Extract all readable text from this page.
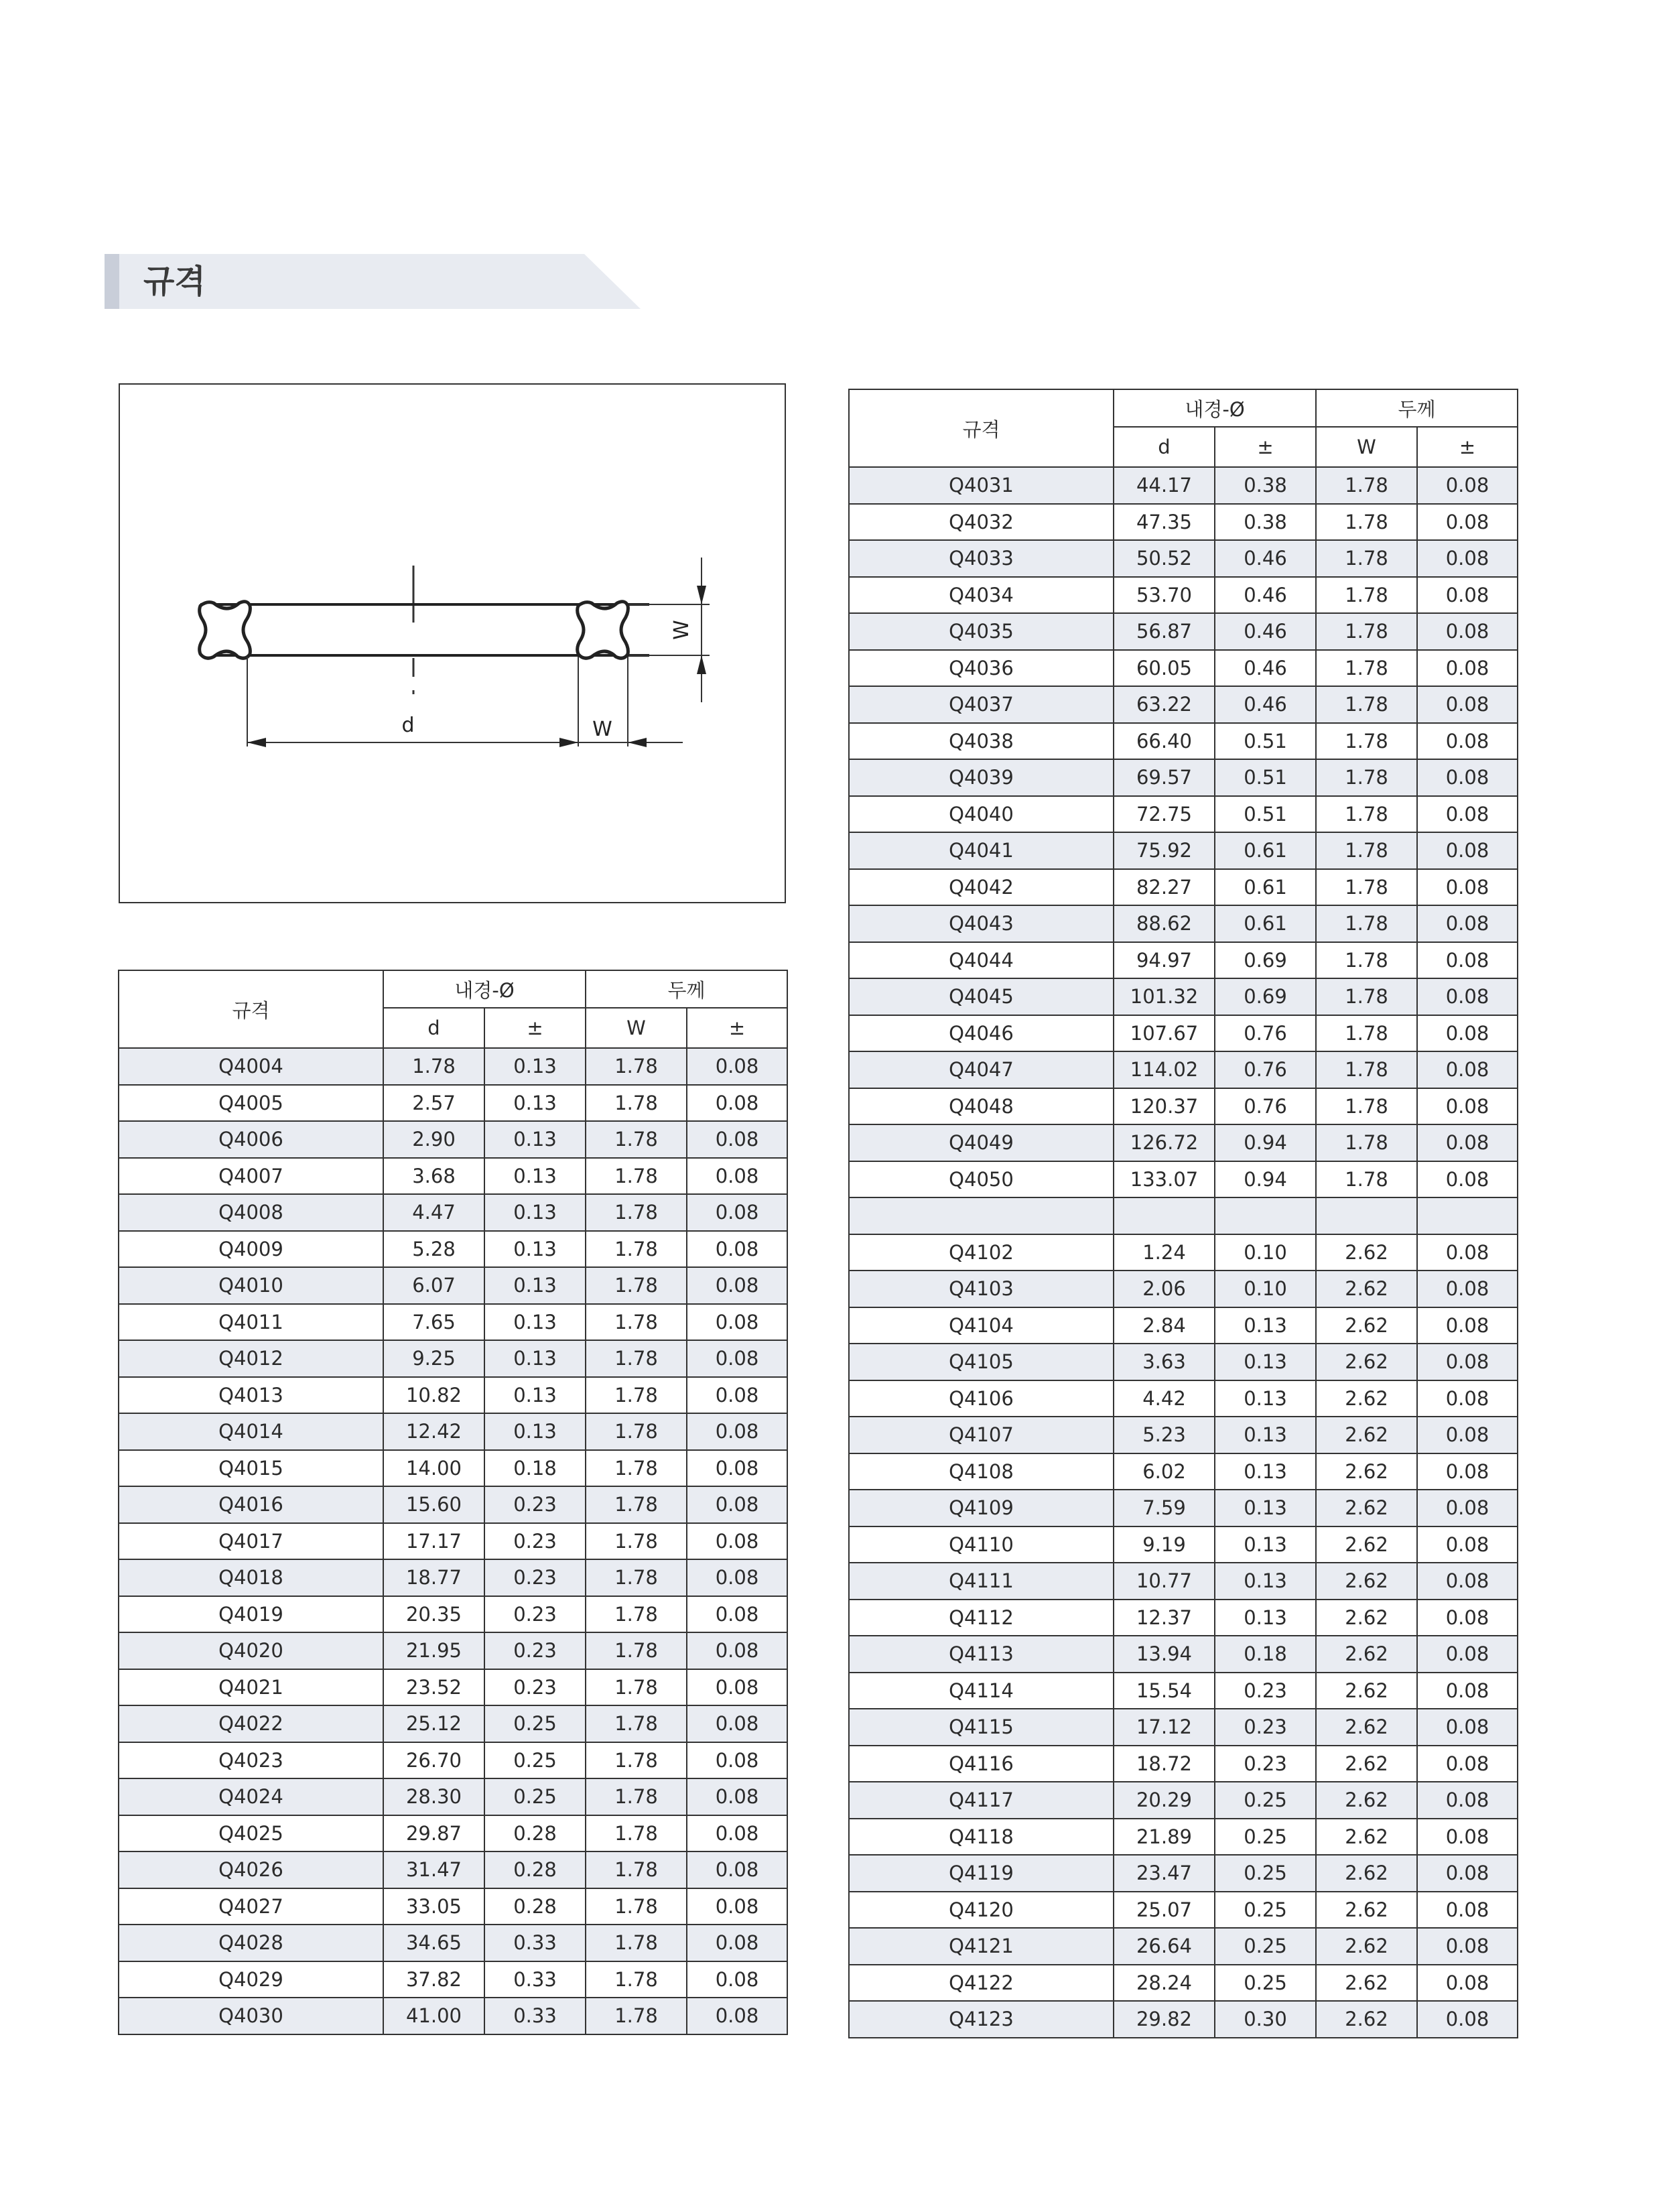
규격
W
d	W
규격	내경-Ø		두께	
	d	±	W	±
Q4004	1.78	0.13	1.78	0.08
Q4005	2.57	0.13	1.78	0.08
Q4006	2.90	0.13	1.78	0.08
Q4007	3.68	0.13	1.78	0.08
Q4008	4.47	0.13	1.78	0.08
Q4009	5.28	0.13	1.78	0.08
Q4010	6.07	0.13	1.78	0.08
Q4011	7.65	0.13	1.78	0.08
Q4012	9.25	0.13	1.78	0.08
Q4013	10.82	0.13	1.78	0.08
Q4014	12.42	0.13	1.78	0.08
Q4015	14.00	0.18	1.78	0.08
Q4016	15.60	0.23	1.78	0.08
Q4017	17.17	0.23	1.78	0.08
Q4018	18.77	0.23	1.78	0.08
Q4019	20.35	0.23	1.78	0.08
Q4020	21.95	0.23	1.78	0.08
Q4021	23.52	0.23	1.78	0.08
Q4022	25.12	0.25	1.78	0.08
Q4023	26.70	0.25	1.78	0.08
Q4024	28.30	0.25	1.78	0.08
Q4025	29.87	0.28	1.78	0.08
Q4026	31.47	0.28	1.78	0.08
Q4027	33.05	0.28	1.78	0.08
Q4028	34.65	0.33	1.78	0.08
Q4029	37.82	0.33	1.78	0.08
Q4030	41.00	0.33	1.78	0.08
규격	내경-Ø		두께	
	d	±	W	±
Q4031	44.17	0.38	1.78	0.08
Q4032	47.35	0.38	1.78	0.08
Q4033	50.52	0.46	1.78	0.08
Q4034	53.70	0.46	1.78	0.08
Q4035	56.87	0.46	1.78	0.08
Q4036	60.05	0.46	1.78	0.08
Q4037	63.22	0.46	1.78	0.08
Q4038	66.40	0.51	1.78	0.08
Q4039	69.57	0.51	1.78	0.08
Q4040	72.75	0.51	1.78	0.08
Q4041	75.92	0.61	1.78	0.08
Q4042	82.27	0.61	1.78	0.08
Q4043	88.62	0.61	1.78	0.08
Q4044	94.97	0.69	1.78	0.08
Q4045	101.32	0.69	1.78	0.08
Q4046	107.67	0.76	1.78	0.08
Q4047	114.02	0.76	1.78	0.08
Q4048	120.37	0.76	1.78	0.08
Q4049	126.72	0.94	1.78	0.08
Q4050	133.07	0.94	1.78	0.08

Q4102	1.24	0.10	2.62	0.08
Q4103	2.06	0.10	2.62	0.08
Q4104	2.84	0.13	2.62	0.08
Q4105	3.63	0.13	2.62	0.08
Q4106	4.42	0.13	2.62	0.08
Q4107	5.23	0.13	2.62	0.08
Q4108	6.02	0.13	2.62	0.08
Q4109	7.59	0.13	2.62	0.08
Q4110	9.19	0.13	2.62	0.08
Q4111	10.77	0.13	2.62	0.08
Q4112	12.37	0.13	2.62	0.08
Q4113	13.94	0.18	2.62	0.08
Q4114	15.54	0.23	2.62	0.08
Q4115	17.12	0.23	2.62	0.08
Q4116	18.72	0.23	2.62	0.08
Q4117	20.29	0.25	2.62	0.08
Q4118	21.89	0.25	2.62	0.08
Q4119	23.47	0.25	2.62	0.08
Q4120	25.07	0.25	2.62	0.08
Q4121	26.64	0.25	2.62	0.08
Q4122	28.24	0.25	2.62	0.08
Q4123	29.82	0.30	2.62	0.08
